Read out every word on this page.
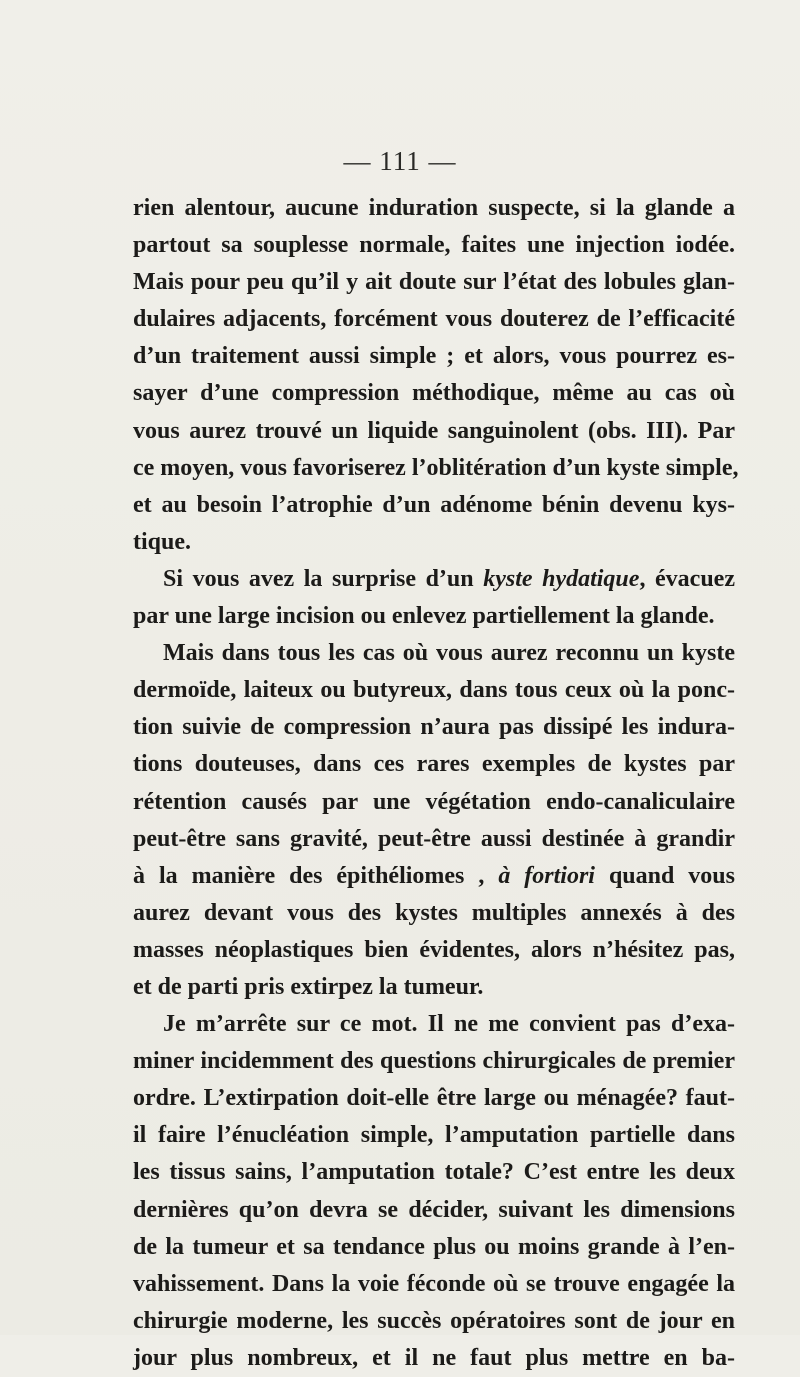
— 111 —
rien alentour, aucune induration suspecte, si la glande a
partout sa souplesse normale, faites une injection iodée.
Mais pour peu qu’il y ait doute sur l’état des lobules glan-
dulaires adjacents, forcément vous douterez de l’efficacité
d’un traitement aussi simple ; et alors, vous pourrez es-
sayer d’une compression méthodique, même au cas où
vous aurez trouvé un liquide sanguinolent (obs. III). Par
ce moyen, vous favoriserez l’oblitération d’un kyste simple,
et au besoin l’atrophie d’un adénome bénin devenu kys-
tique.
Si vous avez la surprise d’un kyste hydatique, évacuez
par une large incision ou enlevez partiellement la glande.
Mais dans tous les cas où vous aurez reconnu un kyste
dermoïde, laiteux ou butyreux, dans tous ceux où la ponc-
tion suivie de compression n’aura pas dissipé les indura-
tions douteuses, dans ces rares exemples de kystes par
rétention causés par une végétation endo-canaliculaire
peut-être sans gravité, peut-être aussi destinée à grandir
à la manière des épithéliomes , à fortiori quand vous
aurez devant vous des kystes multiples annexés à des
masses néoplastiques bien évidentes, alors n’hésitez pas,
et de parti pris extirpez la tumeur.
Je m’arrête sur ce mot. Il ne me convient pas d’exa-
miner incidemment des questions chirurgicales de premier
ordre. L’extirpation doit-elle être large ou ménagée? faut-
il faire l’énucléation simple, l’amputation partielle dans
les tissus sains, l’amputation totale? C’est entre les deux
dernières qu’on devra se décider, suivant les dimensions
de la tumeur et sa tendance plus ou moins grande à l’en-
vahissement. Dans la voie féconde où se trouve engagée la
chirurgie moderne, les succès opératoires sont de jour en
jour plus nombreux, et il ne faut plus mettre en ba-
